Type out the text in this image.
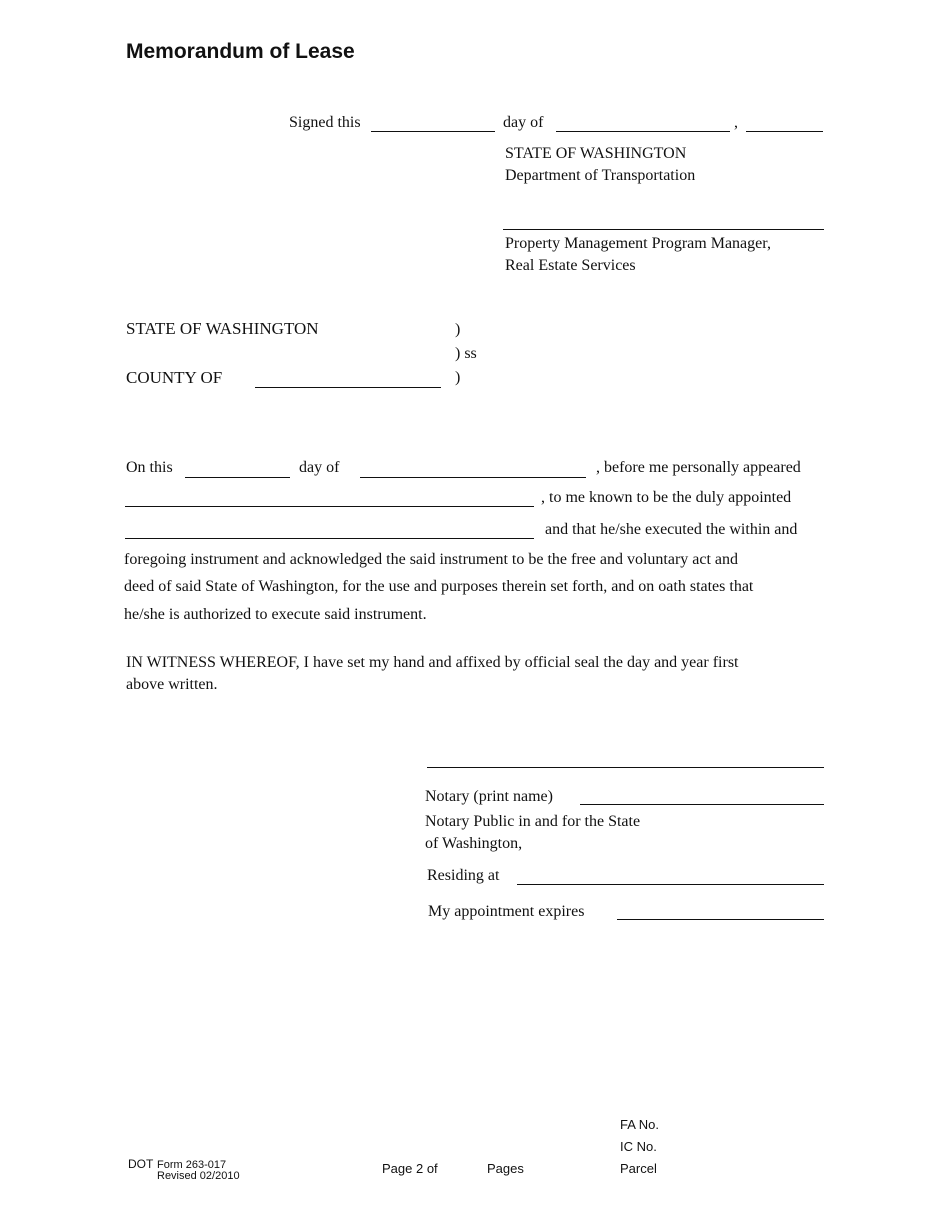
Memorandum of Lease
Signed this	day of	,
STATE OF WASHINGTON
Department of Transportation
Property Management Program Manager,
Real Estate Services
STATE OF WASHINGTON	)
) ss
COUNTY OF	)
On this	day of	, before me personally appeared
, to me known to be the duly appointed
and that he/she executed the within and
foregoing instrument and acknowledged the said instrument to be the free and voluntary act and
deed of said State of Washington, for the use and purposes therein set forth, and on oath states that
he/she is authorized to execute said instrument.
IN WITNESS WHEREOF, I have set my hand and affixed by official seal the day and year first
above written.
Notary (print name)
Notary Public in and for the State
of Washington,
Residing at
My appointment expires
FA No.
IC No.
Parcel
DOT Form 263-017
Revised 02/2010	Page 2 of	Pages
